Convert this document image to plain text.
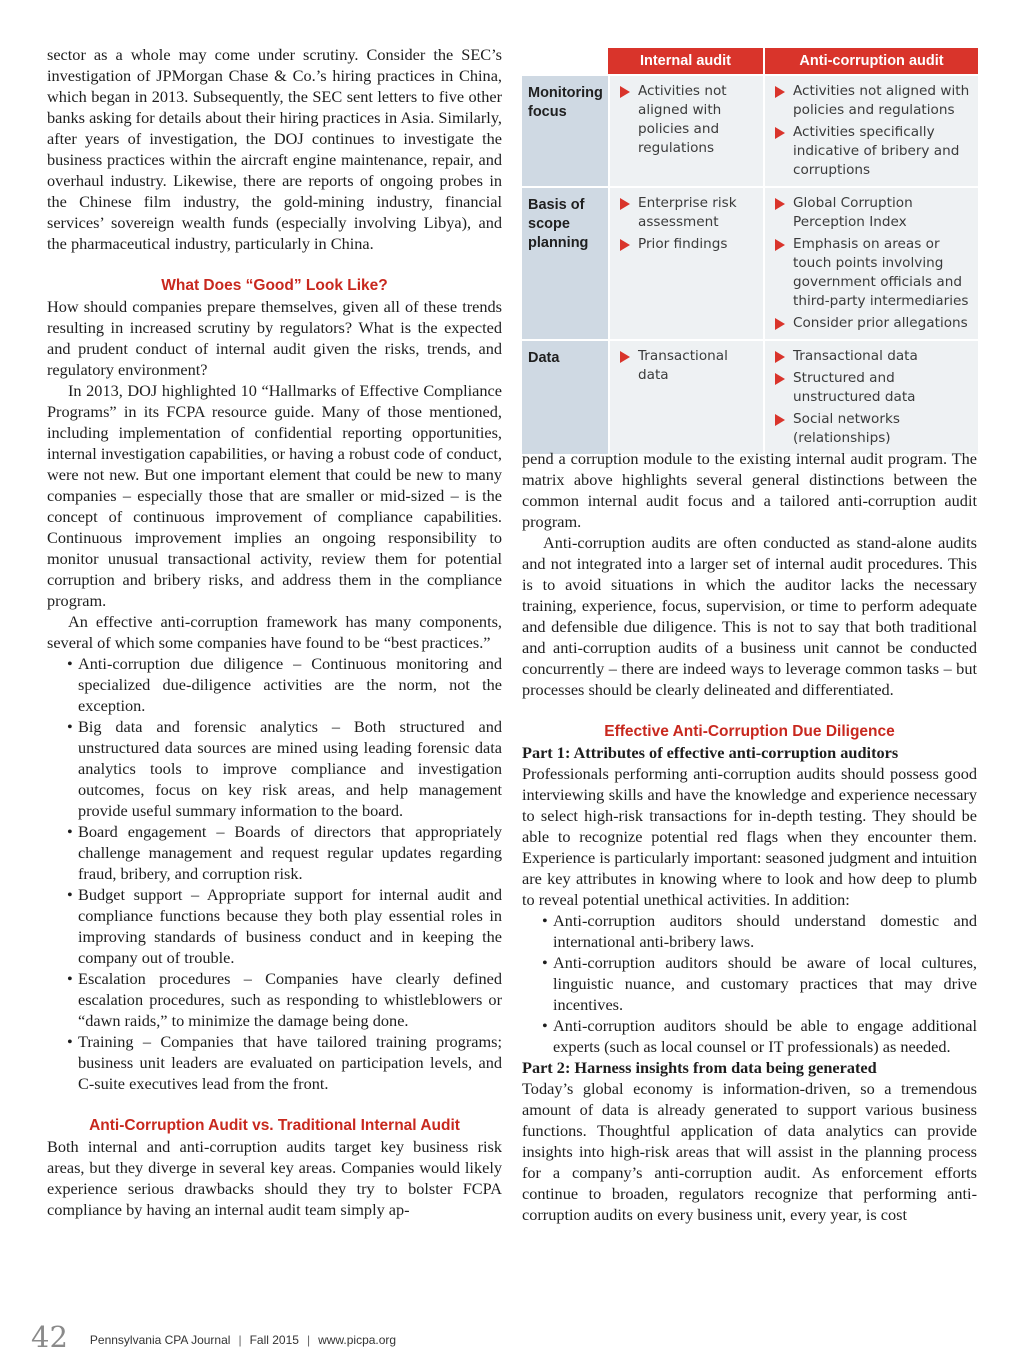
sector as a whole may come under scrutiny. Consider the SEC’s investigation of JPMorgan Chase & Co.’s hiring practices in China, which began in 2013. Subsequently, the SEC sent letters to five other banks asking for details about their hiring practices in Asia. Similarly, after years of investigation, the DOJ continues to investigate the business practices within the aircraft engine maintenance, repair, and overhaul industry. Likewise, there are reports of ongoing probes in the Chinese film industry, the gold-mining industry, financial services’ sovereign wealth funds (especially involving Libya), and the pharmaceutical industry, particularly in China.

What Does “Good” Look Like?

How should companies prepare themselves, given all of these trends resulting in increased scrutiny by regulators? What is the expected and prudent conduct of internal audit given the risks, trends, and regulatory environment?

In 2013, DOJ highlighted 10 “Hallmarks of Effective Compliance Programs” in its FCPA resource guide. Many of those mentioned, including implementation of confidential reporting opportunities, internal investigation capabilities, or having a robust code of conduct, were not new. But one important element that could be new to many companies – especially those that are smaller or mid-sized – is the concept of continuous improvement of compliance capabilities. Continuous improvement implies an ongoing responsibility to monitor unusual transactional activity, review them for potential corruption and bribery risks, and address them in the compliance program.

An effective anti-corruption framework has many components, several of which some companies have found to be “best practices.”

• Anti-corruption due diligence – Continuous monitoring and specialized due-diligence activities are the norm, not the exception.
• Big data and forensic analytics – Both structured and unstructured data sources are mined using leading forensic data analytics tools to improve compliance and investigation outcomes, focus on key risk areas, and help management provide useful summary information to the board.
• Board engagement – Boards of directors that appropriately challenge management and request regular updates regarding fraud, bribery, and corruption risk.
• Budget support – Appropriate support for internal audit and compliance functions because they both play essential roles in improving standards of business conduct and in keeping the company out of trouble.
• Escalation procedures – Companies have clearly defined escalation procedures, such as responding to whistleblowers or “dawn raids,” to minimize the damage being done.
• Training – Companies that have tailored training programs; business unit leaders are evaluated on participation levels, and C-suite executives lead from the front.
Anti-Corruption Audit vs. Traditional Internal Audit

Both internal and anti-corruption audits target key business risk areas, but they diverge in several key areas. Companies would likely experience serious drawbacks should they try to bolster FCPA compliance by having an internal audit team simply ap-

Internal audit	Anti-corruption audit
Monitoring focus
Activities not aligned with policies and regulations
Activities not aligned with policies and regulations
Activities specifically indicative of bribery and corruptions
Basis of scope planning
Enterprise risk assessment
Prior findings
Global Corruption Perception Index
Emphasis on areas or touch points involving government officials and third-party intermediaries
Consider prior allegations
Data	Transactional data
Transactional data
Structured and unstructured data
Social networks (relationships)

pend a corruption module to the existing internal audit program. The matrix above highlights several general distinctions between the common internal audit focus and a tailored anti-corruption audit program.

Anti-corruption audits are often conducted as stand-alone audits and not integrated into a larger set of internal audit procedures. This is to avoid situations in which the auditor lacks the necessary training, experience, focus, supervision, or time to perform adequate and defensible due diligence. This is not to say that both traditional and anti-corruption audits of a business unit cannot be conducted concurrently – there are indeed ways to leverage common tasks – but processes should be clearly delineated and differentiated.

Effective Anti-Corruption Due Diligence
Part 1: Attributes of effective anti-corruption auditors

Professionals performing anti-corruption audits should possess good interviewing skills and have the knowledge and experience necessary to select high-risk transactions for in-depth testing. They should be able to recognize potential red flags when they encounter them. Experience is particularly important: seasoned judgment and intuition are key attributes in knowing where to look and how deep to plumb to reveal potential unethical activities. In addition:

• Anti-corruption auditors should understand domestic and international anti-bribery laws.
• Anti-corruption auditors should be aware of local cultures, linguistic nuance, and customary practices that may drive incentives.
• Anti-corruption auditors should be able to engage additional experts (such as local counsel or IT professionals) as needed.
Part 2: Harness insights from data being generated

Today’s global economy is information-driven, so a tremendous amount of data is already generated to support various business functions. Thoughtful application of data analytics can provide insights into high-risk areas that will assist in the planning process for a company’s anti-corruption audit. As enforcement efforts continue to broaden, regulators recognize that performing anti-corruption audits on every business unit, every year, is cost

42 Pennsylvania CPA Journal | Fall 2015 | www.picpa.org
